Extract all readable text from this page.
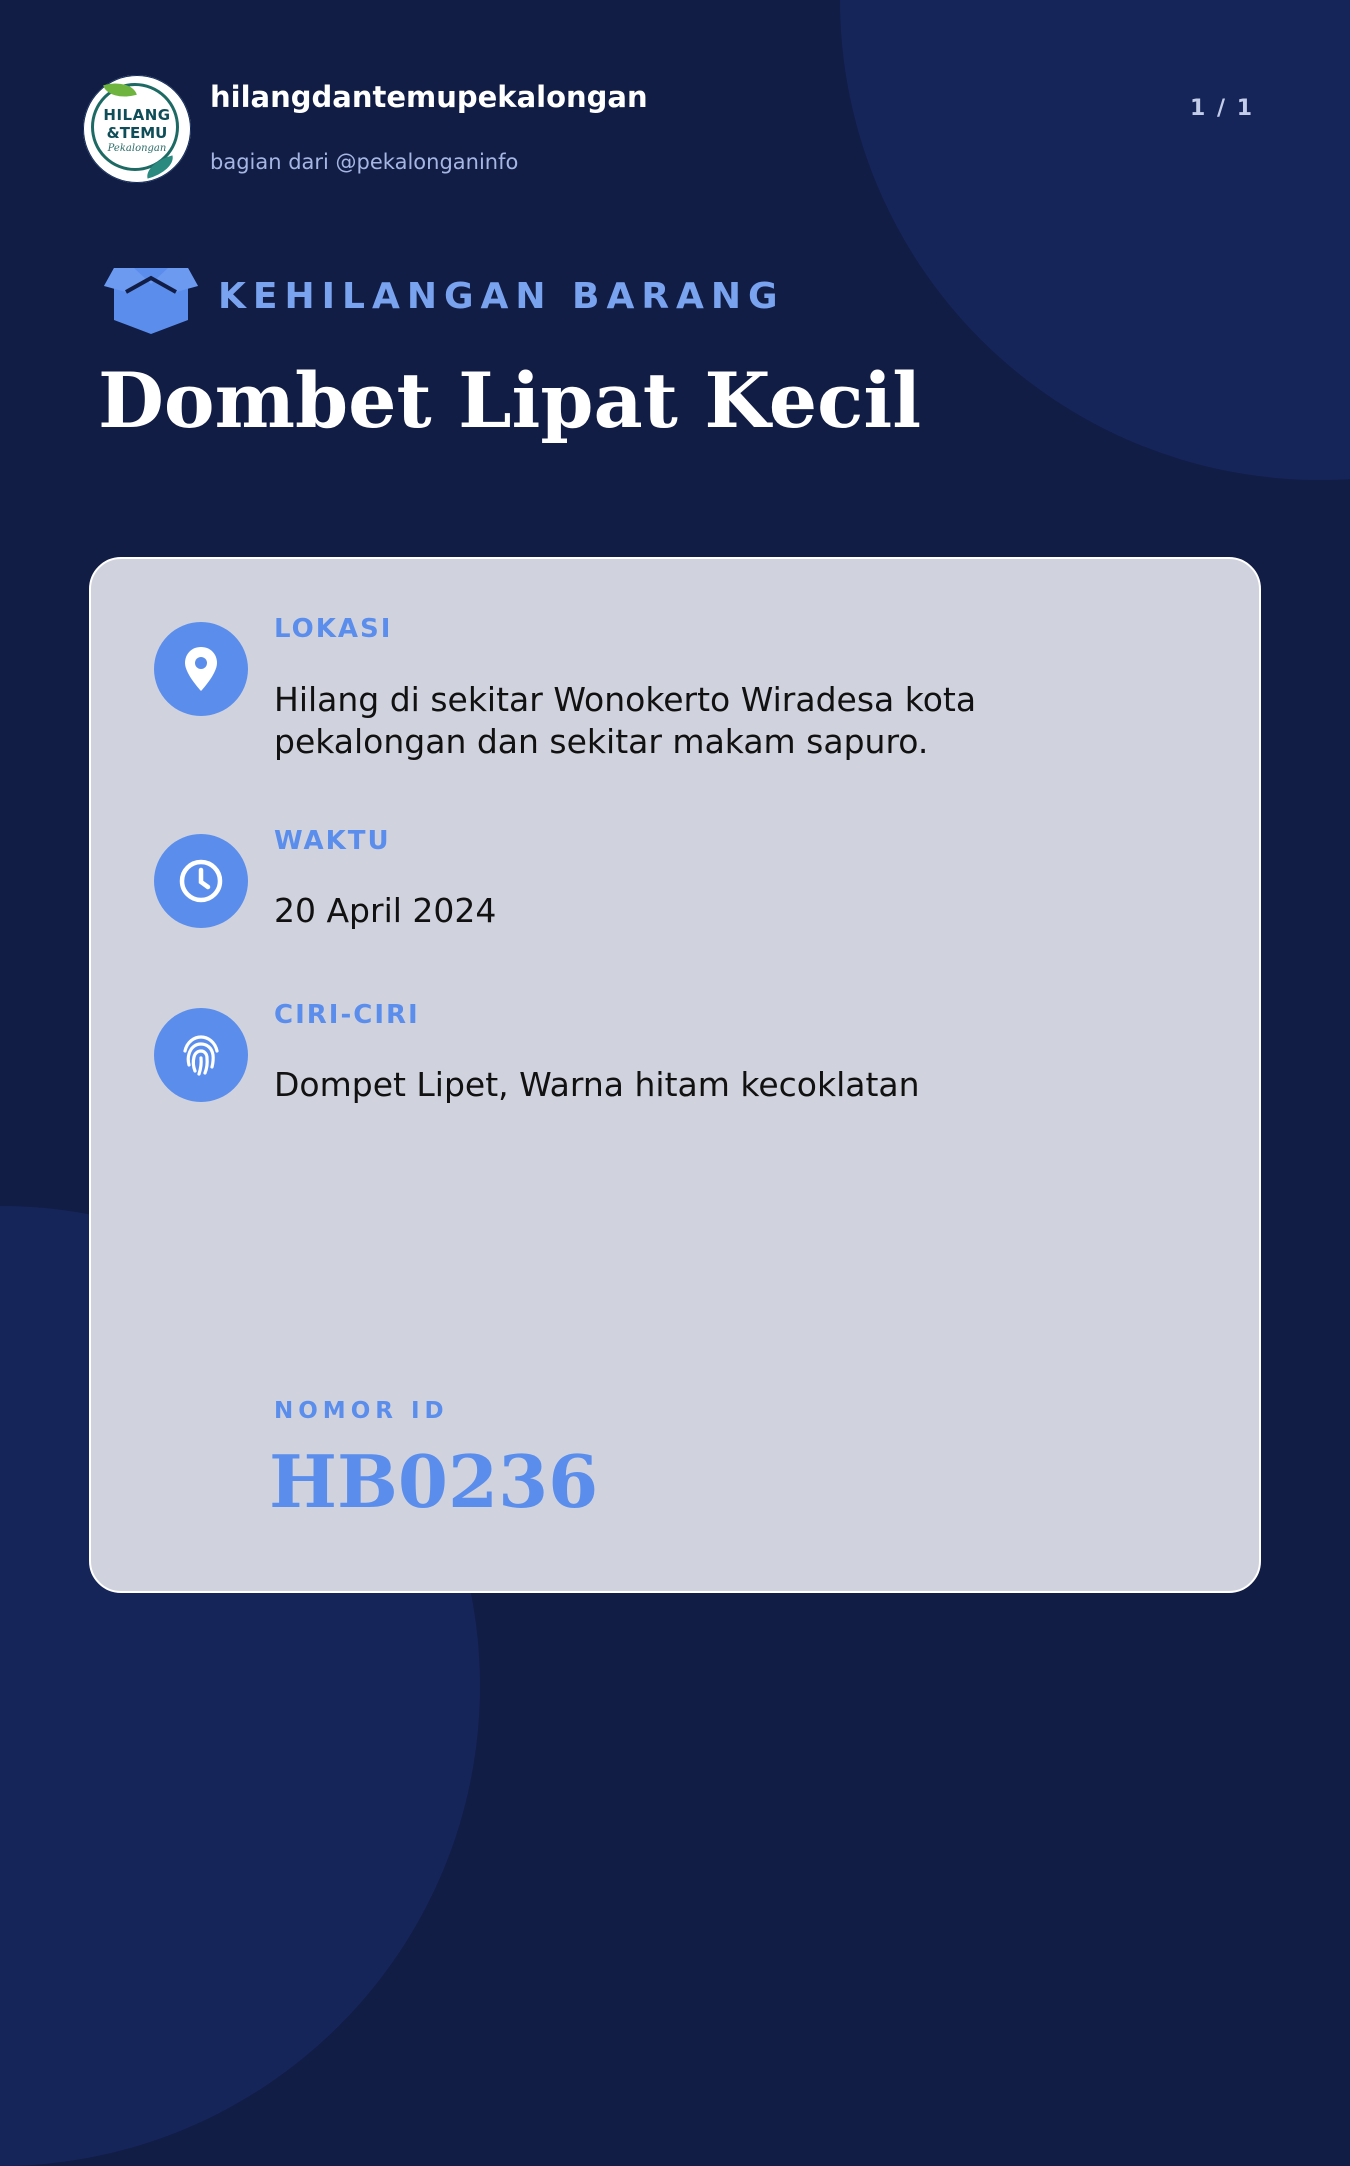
HILANG
&TEMU
Pekalongan
hilangdantemupekalongan
bagian dari @pekalonganinfo
1 / 1
KEHILANGAN BARANG
Dombet Lipat Kecil
LOKASI
Hilang di sekitar Wonokerto Wiradesa kota pekalongan dan sekitar makam sapuro.
WAKTU
20 April 2024
CIRI-CIRI
Dompet Lipet, Warna hitam kecoklatan
NOMOR ID
HB0236
